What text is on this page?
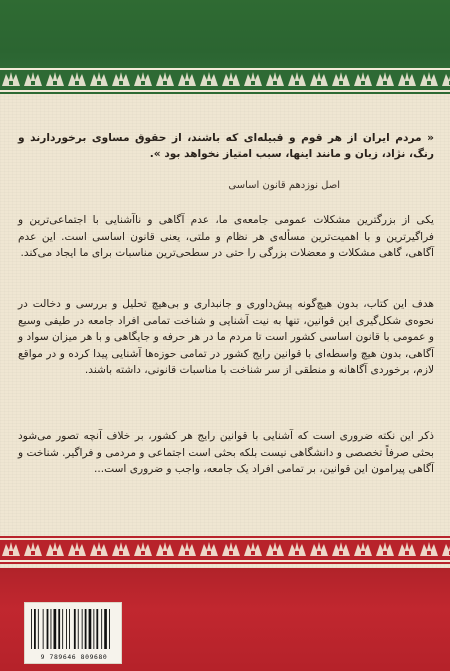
« مردم ایران از هر قوم و قبیله‌ای که باشند، از حقوق مساوی برخوردارند و رنگ، نژاد، زبان و مانند اینها، سبب امتیاز نخواهد بود ».
اصل نوزدهم قانون اساسی
یکی از بزرگترین مشکلات عمومی جامعه‌ی ما، عدم آگاهی و ناآشنایی با اجتماعی‌ترین و فراگیرترین و با اهمیت‌ترین مسأله‌ی هر نظام و ملتی، یعنی قانون اساسی است. این عدم آگاهی، گاهی مشکلات و معضلات بزرگی را حتی در سطحی‌ترین مناسبات برای ما ایجاد می‌کند.
هدف این کتاب، بدون هیچ‌گونه پیش‌داوری و جانبداری و بی‌هیچ تحلیل و بررسی و دخالت در نحوه‌ی شکل‌گیری این قوانین، تنها به نیت آشنایی و شناخت تمامی افراد جامعه در طیفی وسیع و عمومی با قانون اساسی کشور است تا مردم ما در هر حرفه و جایگاهی و با هر میزان سواد و آگاهی، بدون هیچ واسطه‌ای با قوانین رایج کشور در تمامی حوزه‌ها آشنایی پیدا کرده و در مواقع لازم، برخوردی آگاهانه و منطقی از سر شناخت با مناسبات قانونی، داشته باشند.
ذکر این نکته ضروری است که آشنایی با قوانین رایج هر کشور، بر خلاف آنچه تصور می‌شود بحثی صرفاً تخصصی و دانشگاهی نیست بلکه بحثی است اجتماعی و مردمی و فراگیر. شناخت و آگاهی پیرامون این قوانین، بر تمامی افراد یک جامعه، واجب و ضروری است...
9 789646 809680
